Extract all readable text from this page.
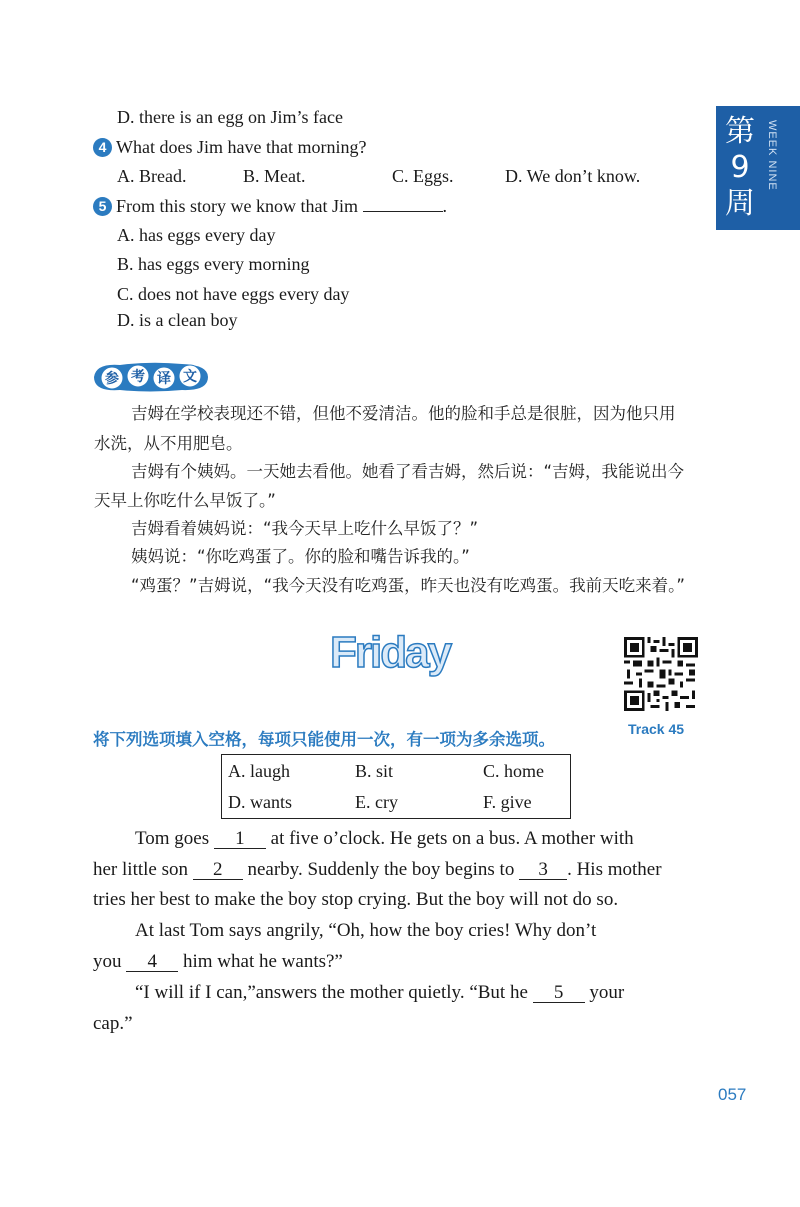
第9周
WEEK NINE
D. there is an egg on Jim’s face
4 What does Jim have that morning?
A. Bread.	B. Meat.	C. Eggs.	D. We don’t know.
5 From this story we know that Jim	.
A. has eggs every day
B. has eggs every morning
C. does not have eggs every day
D. is a clean boy
参 考 译 文
吉姆在学校表现还不错，但他不爱清洁。他的脸和手总是很脏，因为他只用
水洗，从不用肥皂。
吉姆有个姨妈。一天她去看他。她看了看吉姆，然后说：“吉姆，我能说出今
天早上你吃什么早饭了。”
吉姆看着姨妈说：“我今天早上吃什么早饭了？”
姨妈说：“你吃鸡蛋了。你的脸和嘴告诉我的。”
“鸡蛋？”吉姆说，“我今天没有吃鸡蛋，昨天也没有吃鸡蛋。我前天吃来着。”
Friday
Track 45
将下列选项填入空格，每项只能使用一次，有一项为多余选项。
A. laugh	B. sit	C. home
D. wants	E. cry	F. give
Tom goes 1 at five o’clock. He gets on a bus. A mother with
her little son 2 nearby. Suddenly the boy begins to 3 . His mother
tries her best to make the boy stop crying. But the boy will not do so.
At last Tom says angrily, “Oh, how the boy cries! Why don’t
you 4 him what he wants?”
“I will if I can,”answers the mother quietly. “But he 5 your
cap.”
057
